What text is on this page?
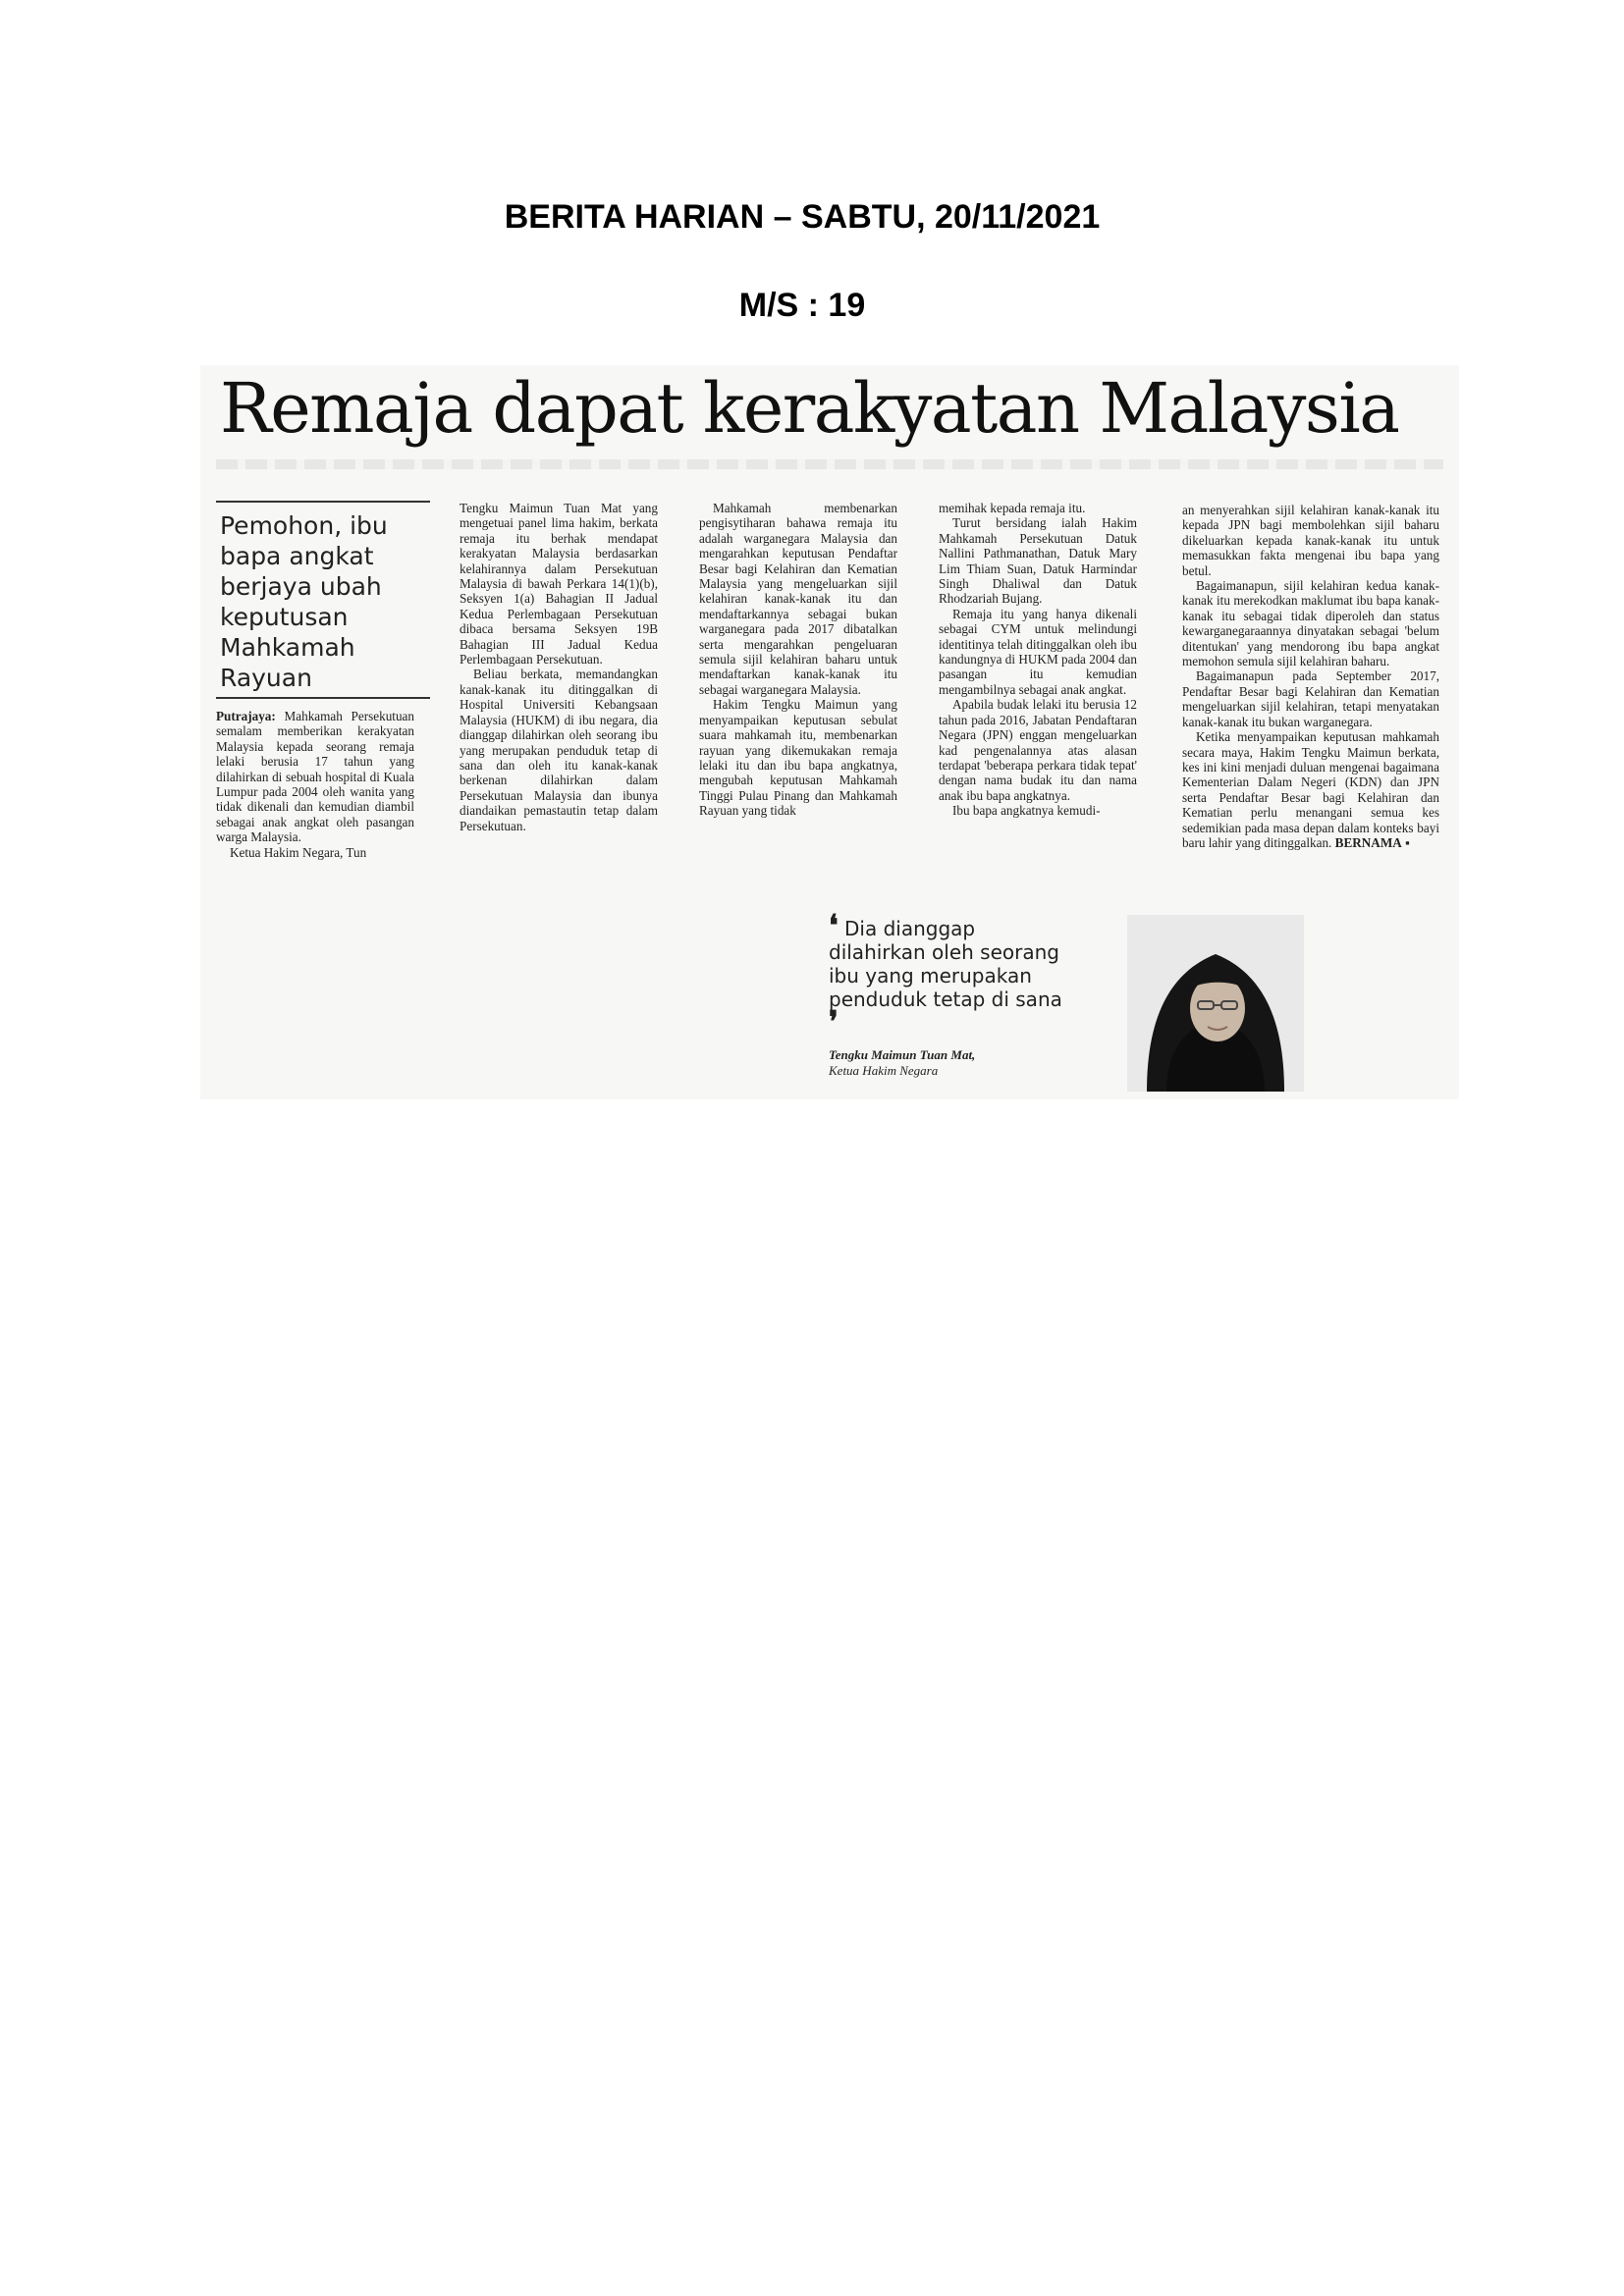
BERITA HARIAN – SABTU, 20/11/2021
M/S : 19
Remaja dapat kerakyatan Malaysia
Pemohon, ibu bapa angkat berjaya ubah keputusan Mahkamah Rayuan

Putrajaya: Mahkamah Persekutuan semalam memberikan kerakyatan Malaysia kepada seorang remaja lelaki berusia 17 tahun yang dilahirkan di sebuah hospital di Kuala Lumpur pada 2004 oleh wanita yang tidak dikenali dan kemudian diambil sebagai anak angkat oleh pasangan warga Malaysia.

Ketua Hakim Negara, Tun

Tengku Maimun Tuan Mat yang mengetuai panel lima hakim, berkata remaja itu berhak mendapat kerakyatan Malaysia berdasarkan kelahirannya dalam Persekutuan Malaysia di bawah Perkara 14(1)(b), Seksyen 1(a) Bahagian II Jadual Kedua Perlembagaan Persekutuan dibaca bersama Seksyen 19B Bahagian III Jadual Kedua Perlembagaan Persekutuan.

Beliau berkata, memandangkan kanak-kanak itu ditinggalkan di Hospital Universiti Kebangsaan Malaysia (HUKM) di ibu negara, dia dianggap dilahirkan oleh seorang ibu yang merupakan penduduk tetap di sana dan oleh itu kanak-kanak berkenan dilahirkan dalam Persekutuan Malaysia dan ibunya diandaikan pemastautin tetap dalam Persekutuan.

Mahkamah membenarkan pengisytiharan bahawa remaja itu adalah warganegara Malaysia dan mengarahkan keputusan Pendaftar Besar bagi Kelahiran dan Kematian Malaysia yang mengeluarkan sijil kelahiran kanak-kanak itu dan mendaftarkannya sebagai bukan warganegara pada 2017 dibatalkan serta mengarahkan pengeluaran semula sijil kelahiran baharu untuk mendaftarkan kanak-kanak itu sebagai warganegara Malaysia.

Hakim Tengku Maimun yang menyampaikan keputusan sebulat suara mahkamah itu, membenarkan rayuan yang dikemukakan remaja lelaki itu dan ibu bapa angkatnya, mengubah keputusan Mahkamah Tinggi Pulau Pinang dan Mahkamah Rayuan yang tidak

memihak kepada remaja itu.

Turut bersidang ialah Hakim Mahkamah Persekutuan Datuk Nallini Pathmanathan, Datuk Mary Lim Thiam Suan, Datuk Harmindar Singh Dhaliwal dan Datuk Rhodzariah Bujang.

Remaja itu yang hanya dikenali sebagai CYM untuk melindungi identitinya telah ditinggalkan oleh ibu kandungnya di HUKM pada 2004 dan pasangan itu kemudian mengambilnya sebagai anak angkat.

Apabila budak lelaki itu berusia 12 tahun pada 2016, Jabatan Pendaftaran Negara (JPN) enggan mengeluarkan kad pengenalannya atas alasan terdapat 'beberapa perkara tidak tepat' dengan nama budak itu dan nama anak ibu bapa angkatnya.

Ibu bapa angkatnya kemudi-

an menyerahkan sijil kelahiran kanak-kanak itu kepada JPN bagi membolehkan sijil baharu dikeluarkan kepada kanak-kanak itu untuk memasukkan fakta mengenai ibu bapa yang betul.

Bagaimanapun, sijil kelahiran kedua kanak-kanak itu merekodkan maklumat ibu bapa kanak-kanak itu sebagai tidak diperoleh dan status kewarganegaraannya dinyatakan sebagai 'belum ditentukan' yang mendorong ibu bapa angkat memohon semula sijil kelahiran baharu.

Bagaimanapun pada September 2017, Pendaftar Besar bagi Kelahiran dan Kematian mengeluarkan sijil kelahiran, tetapi menyatakan kanak-kanak itu bukan warganegara.

Ketika menyampaikan keputusan mahkamah secara maya, Hakim Tengku Maimun berkata, kes ini kini menjadi duluan mengenai bagaimana Kementerian Dalam Negeri (KDN) dan JPN serta Pendaftar Besar bagi Kelahiran dan Kematian perlu menangani semua kes sedemikian pada masa depan dalam konteks bayi baru lahir yang ditinggalkan. BERNAMA ▪

❛ Dia dianggap dilahirkan oleh seorang ibu yang merupakan penduduk tetap di sana ❜
Tengku Maimun Tuan Mat,
Ketua Hakim Negara
